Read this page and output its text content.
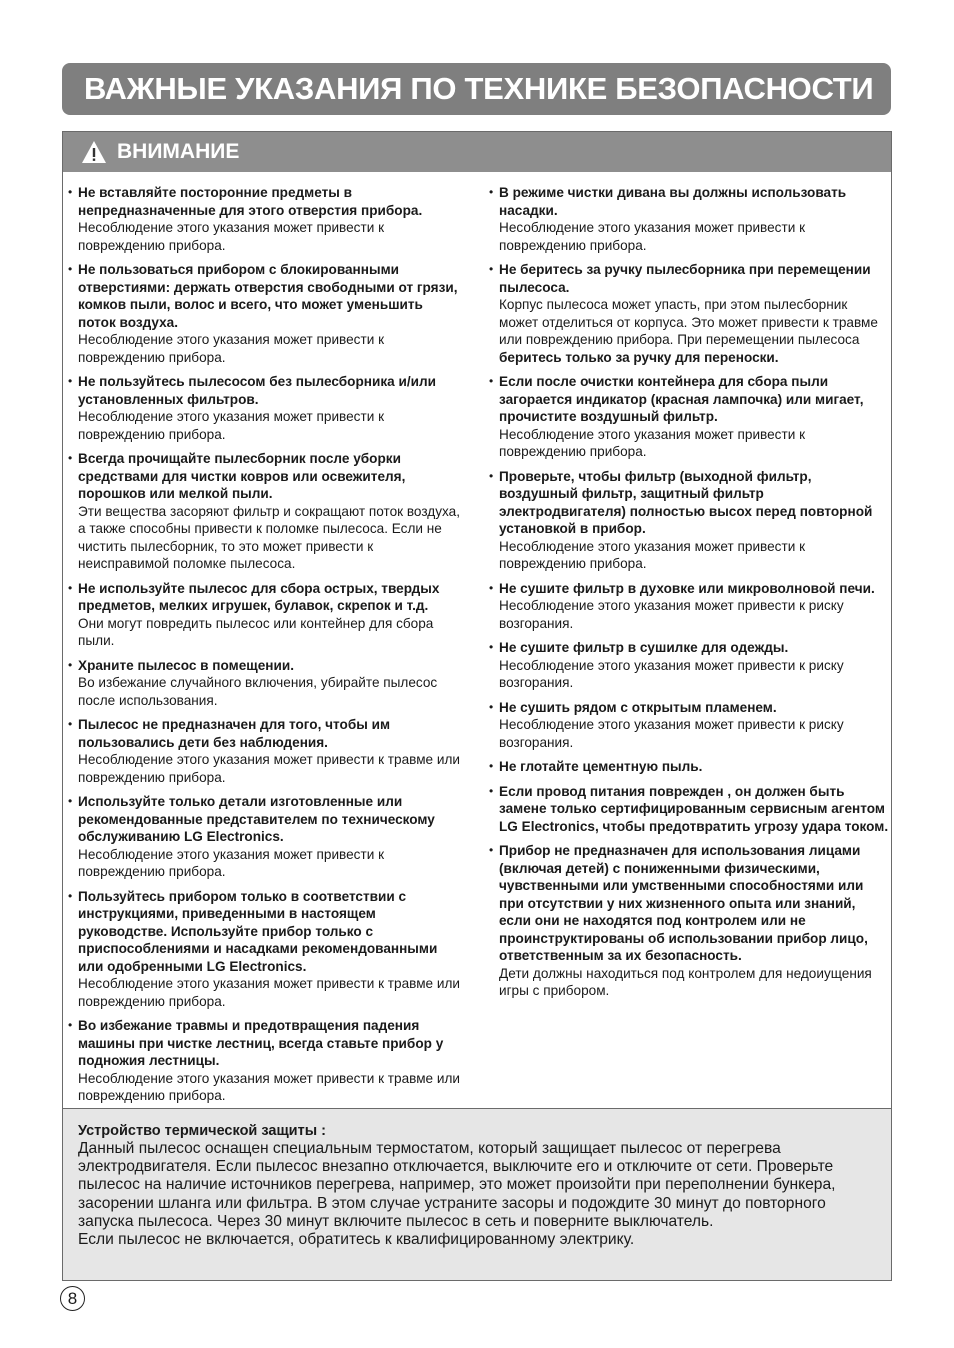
ВАЖНЫЕ УКАЗАНИЯ ПО ТЕХНИКЕ БЕЗОПАСНОСТИ
ВНИМАНИЕ
• Не вставляйте посторонние предметы в непредназначенные для этого отверстия прибора.
Несоблюдение этого указания может привести к повреждению прибора.
• Не пользоваться прибором с блокированными отверстиями: держать отверстия свободными от грязи, комков пыли, волос и всего, что может уменьшить поток воздуха.
Несоблюдение этого указания может привести к повреждению прибора.
• Не пользуйтесь пылесосом без пылесборника и/или установленных фильтров.
Несоблюдение этого указания может привести к повреждению прибора.
• Всегда прочищайте пылесборник после уборки средствами для чистки ковров или освежителя, порошков или мелкой пыли.
Эти вещества засоряют фильтр и сокращают поток воздуха, а также способны привести к поломке пылесоса. Если не чистить пылесборник, то это может привести к неисправимой поломке пылесоса.
• Не используйте пылесос для сбора острых, твердых предметов, мелких игрушек, булавок, скрепок и т.д.
Они могут повредить пылесос или контейнер для сбора пыли.
• Храните пылесос в помещении.
Во избежание случайного включения, убирайте пылесос после использования.
• Пылесос не предназначен для того, чтобы им пользовались дети без наблюдения.
Несоблюдение этого указания может привести к травме или повреждению прибора.
• Используйте только детали изготовленные или рекомендованные представителем по техническому обслуживанию LG Electronics.
Несоблюдение этого указания может привести к повреждению прибора.
• Пользуйтесь прибором только в соответствии с инструкциями, приведенными в настоящем руководстве. Используйте прибор только с приспособлениями и насадками рекомендованными или одобренными LG Electronics.
Несоблюдение этого указания может привести к травме или повреждению прибора.
• Во избежание травмы и предотвращения падения машины при чистке лестниц, всегда ставьте прибор у подножия лестницы.
Несоблюдение этого указания может привести к травме или повреждению прибора.
• В режиме чистки дивана вы должны использовать насадки.
Несоблюдение этого указания может привести к повреждению прибора.
• Не беритесь за ручку пылесборника при перемещении пылесоса.
Корпус пылесоса может упасть, при этом пылесборник может отделиться от корпуса. Это может привести к травме или повреждению прибора. При перемещении пылесоса беритесь только за ручку для переноски.
• Если после очистки контейнера для сбора пыли загорается индикатор (красная лампочка) или мигает, прочистите воздушный фильтр.
Несоблюдение этого указания может привести к повреждению прибора.
• Проверьте, чтобы фильтр (выходной фильтр, воздушный фильтр, защитный фильтр электродвигателя) полностью высох перед повторной установкой в прибор.
Несоблюдение этого указания может привести к повреждению прибора.
• Не сушите фильтр в духовке или микроволновой печи.
Несоблюдение этого указания может привести к риску возгорания.
• Не сушите фильтр в сушилке для одежды.
Несоблюдение этого указания может привести к риску возгорания.
• Не сушить рядом с открытым пламенем.
Несоблюдение этого указания может привести к риску возгорания.
• Не глотайте цементную пыль.
• Если провод питания поврежден , он должен быть замене только сертифицированным сервисным агентом LG Electronics, чтобы предотвратить угрозу удара током.
• Прибор не предназначен для использования лицами (включая детей) с пониженными физическими, чувственными или умственными способностями или при отсутствии у них жизненного опыта или знаний, если они не находятся под контролем или не проинструктированы об использовании прибор лицо, ответственным за их безопасность.
Дети должны находиться под контролем для недоиущения игры с прибором.
Устройство термической защиты :

Данный пылесос оснащен специальным термостатом, который защищает пылесос от перегрева электродвигателя. Если пылесос внезапно отключается, выключите его и отключите от сети. Проверьте пылесос на наличие источников перегрева, например, это может произойти при переполнении бункера, засорении шланга или фильтра. В этом случае устраните засоры и подождите 30 минут до повторного запуска пылесоса. Через 30 минут включите пылесос в сеть и поверните выключатель.

Если пылесос не включается, обратитесь к квалифицированному электрику.

8
